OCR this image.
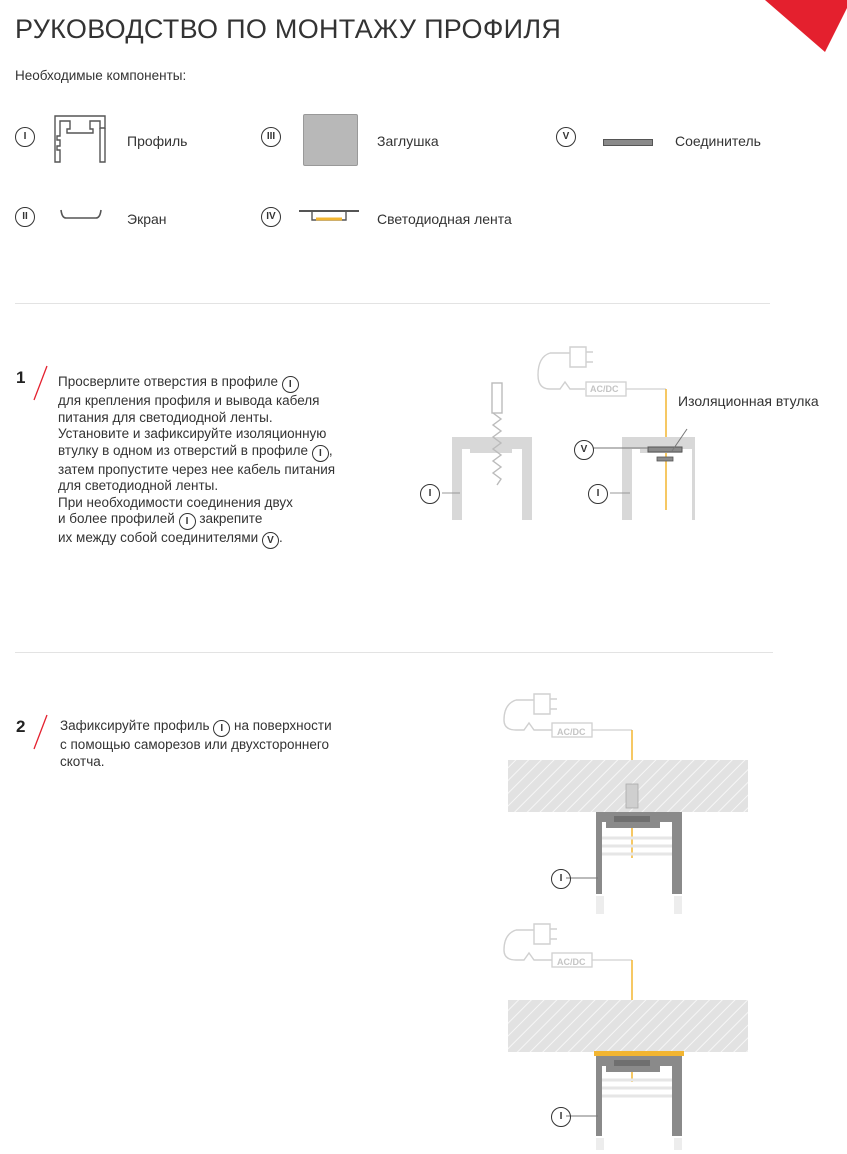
РУКОВОДСТВО ПО МОНТАЖУ ПРОФИЛЯ
Необходимые компоненты:
I	Профиль	III	Заглушка	V	Соединитель
II	Экран	IV	Светодиодная лента
1 Просверлите отверстия в профиле I

для крепления профиля и вывода кабеля

питания для светодиодной ленты.

Установите и зафиксируйте изоляционную

втулку в одном из отверстий в профиле I ,

затем пропустите через нее кабель питания

для светодиодной ленты.

При необходимости соединения двух

и более профилей I закрепите

их между собой соединителями V .

AC/DC
Изоляционная втулка
V
I	I
2	Зафиксируйте профиль I на поверхности

с помощью саморезов или двухстороннего

скотча.

AC/DC
I
AC/DC
I
